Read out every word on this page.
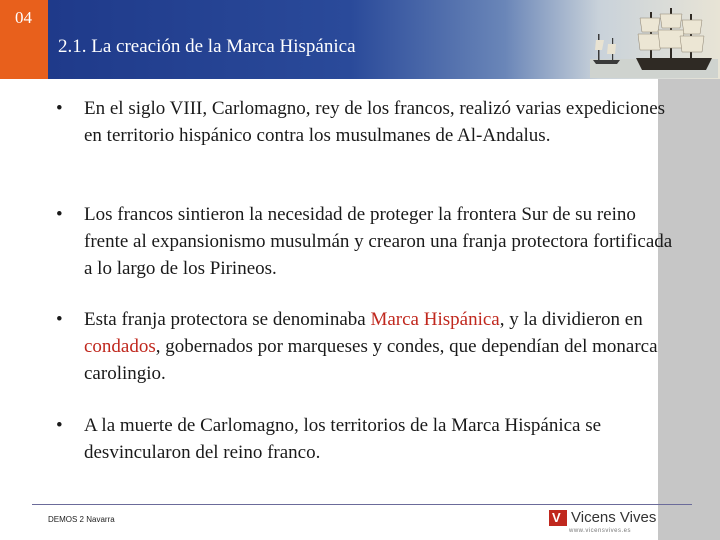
04
2.1. La creación de la Marca Hispánica
• En el siglo VIII, Carlomagno, rey de los francos, realizó varias expediciones en territorio hispánico contra los musulmanes de Al-Andalus.
• Los francos sintieron la necesidad de proteger la frontera Sur de su reino frente al expansionismo musulmán y crearon una franja protectora fortificada a lo largo de los Pirineos.
• Esta franja protectora se denominaba Marca Hispánica, y la dividieron en condados, gobernados por marqueses y condes, que dependían del monarca carolingio.
• A la muerte de Carlomagno, los territorios de la Marca Hispánica se desvincularon del reino franco.
DEMOS 2 Navarra	V Vicens Vives
www.vicensvives.es
